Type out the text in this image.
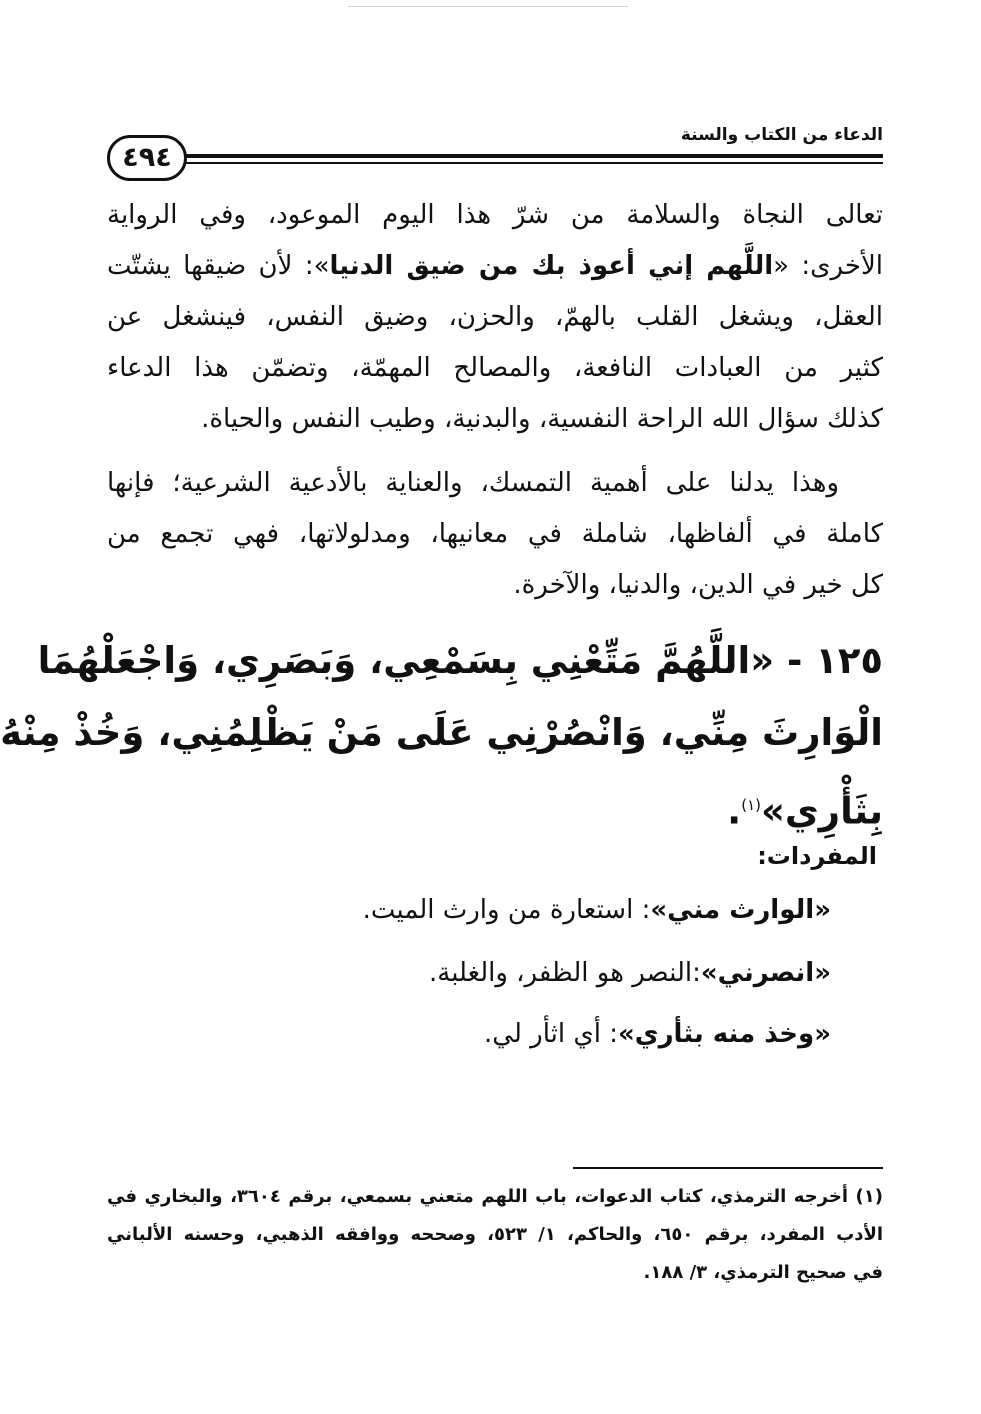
الدعاء من الكتاب والسنة
٤٩٤
تعالى النجاة والسلامة من شرّ هذا اليوم الموعود، وفي الرواية
الأخرى: «اللَّهم إني أعوذ بك من ضيق الدنيا»: لأن ضيقها يشتّت
العقل، ويشغل القلب بالهمّ، والحزن، وضيق النفس، فينشغل عن
كثير من العبادات النافعة، والمصالح المهمّة، وتضمّن هذا الدعاء
كذلك سؤال الله الراحة النفسية، والبدنية، وطيب النفس والحياة.
وهذا يدلنا على أهمية التمسك، والعناية بالأدعية الشرعية؛ فإنها
كاملة في ألفاظها، شاملة في معانيها، ومدلولاتها، فهي تجمع من
كل خير في الدين، والدنيا، والآخرة.
١٢٥ - «اللَّهُمَّ مَتِّعْنِي بِسَمْعِي، وَبَصَرِي، وَاجْعَلْهُمَا
الْوَارِثَ مِنِّي، وَانْصُرْنِي عَلَى مَنْ يَظْلِمُنِي، وَخُذْ مِنْهُ
بِثَأْرِي»$^{(١)}$.
المفردات:
«الوارث مني»: استعارة من وارث الميت.
«انصرني»:النصر هو الظفر، والغلبة.
«وخذ منه بثأري»: أي اثأر لي.
(١) أخرجه الترمذي، كتاب الدعوات، باب اللهم متعني بسمعي، برقم ٣٦٠٤، والبخاري في
الأدب المفرد، برقم ٦٥٠، والحاكم، ١/ ٥٢٣، وصححه ووافقه الذهبي، وحسنه الألباني
في صحيح الترمذي، ٣/ ١٨٨.
